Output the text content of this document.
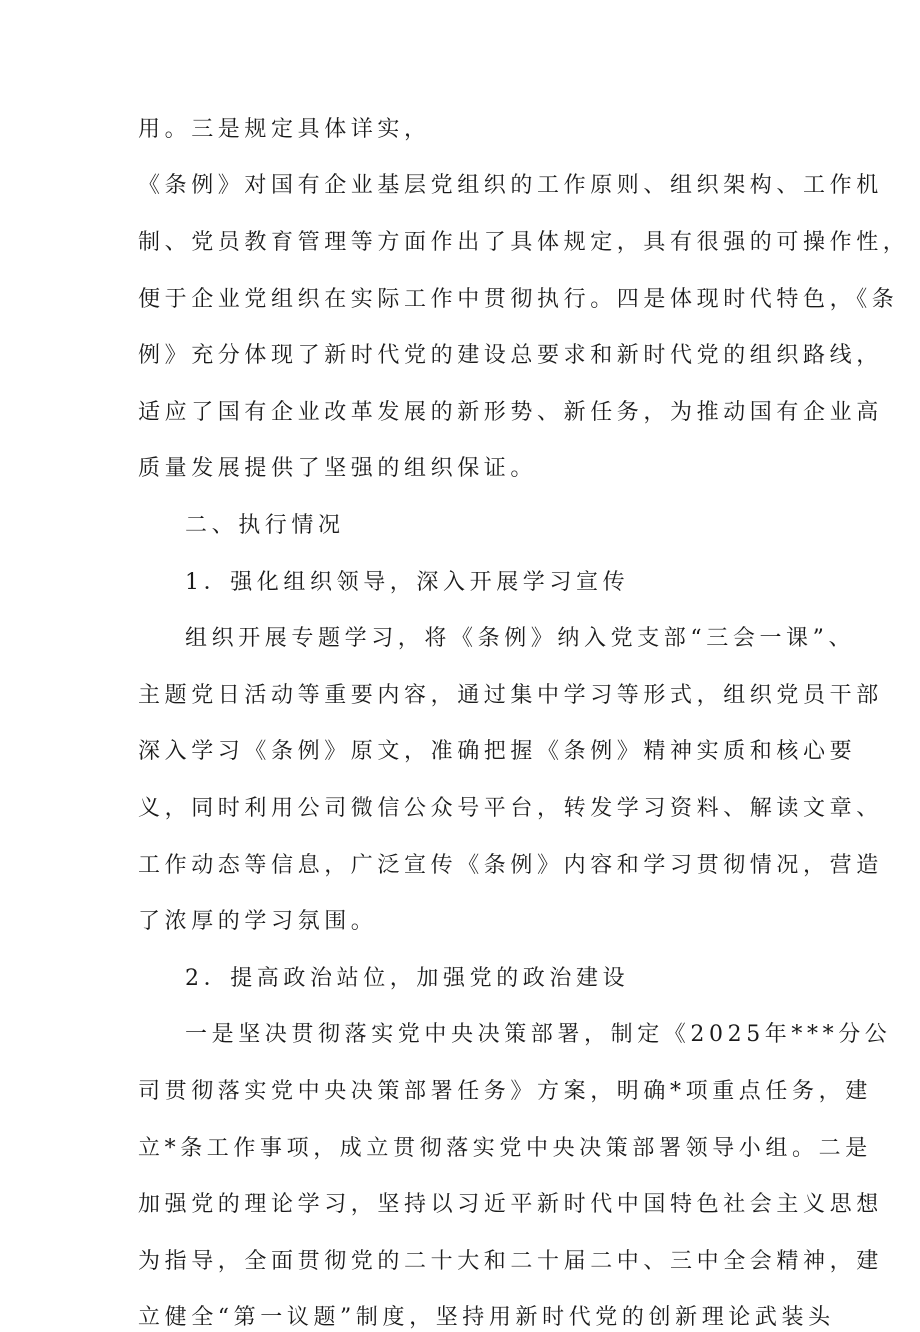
用。三是规定具体详实，
《条例》对国有企业基层党组织的工作原则、组织架构、工作机
制、党员教育管理等方面作出了具体规定，具有很强的可操作性，
便于企业党组织在实际工作中贯彻执行。四是体现时代特色，《条
例》充分体现了新时代党的建设总要求和新时代党的组织路线，
适应了国有企业改革发展的新形势、新任务，为推动国有企业高
质量发展提供了坚强的组织保证。
二、执行情况
1．强化组织领导，深入开展学习宣传
组织开展专题学习，将《条例》纳入党支部“三会一课”、
主题党日活动等重要内容，通过集中学习等形式，组织党员干部
深入学习《条例》原文，准确把握《条例》精神实质和核心要
义，同时利用公司微信公众号平台，转发学习资料、解读文章、
工作动态等信息，广泛宣传《条例》内容和学习贯彻情况，营造
了浓厚的学习氛围。
2．提高政治站位，加强党的政治建设
一是坚决贯彻落实党中央决策部署，制定《2025年***分公
司贯彻落实党中央决策部署任务》方案，明确*项重点任务，建
立*条工作事项，成立贯彻落实党中央决策部署领导小组。二是
加强党的理论学习，坚持以习近平新时代中国特色社会主义思想
为指导，全面贯彻党的二十大和二十届二中、三中全会精神，建
立健全“第一议题”制度，坚持用新时代党的创新理论武装头
